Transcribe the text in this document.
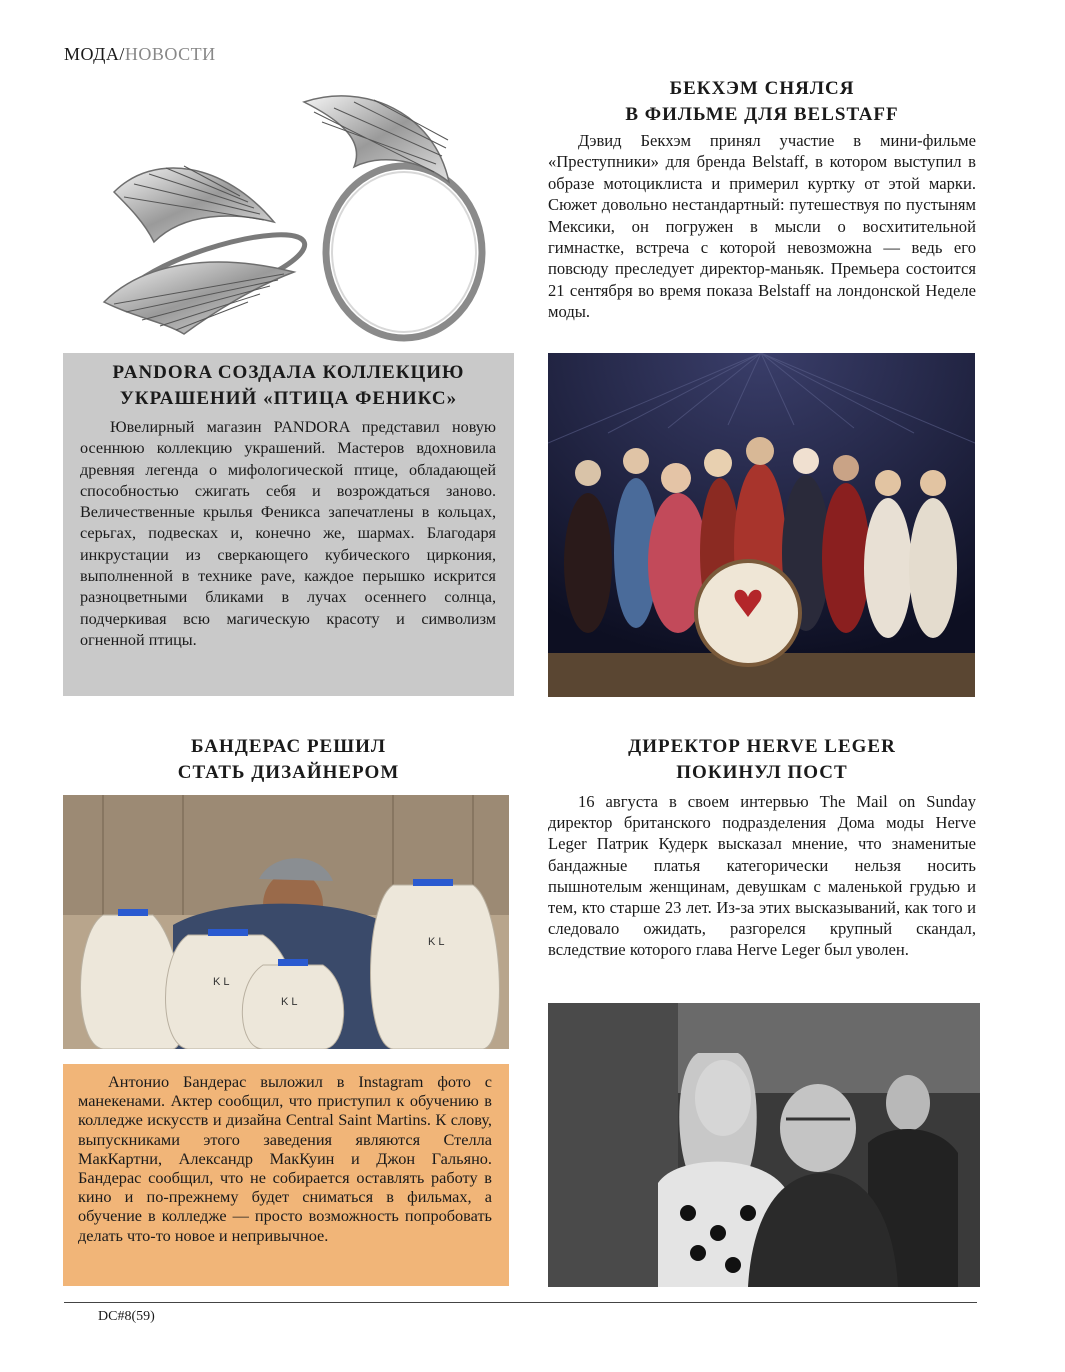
МОДА/НОВОСТИ
PANDORA СОЗДАЛА КОЛЛЕКЦИЮ
УКРАШЕНИЙ «ПТИЦА ФЕНИКС»
Ювелирный магазин PANDORA представил новую осеннюю коллекцию украшений. Мастеров вдохновила древняя легенда о мифологической птице, обладающей способностью сжигать себя и возрождаться заново. Величественные крылья Феникса запечатлены в кольцах, серьгах, подвесках и, конечно же, шармах. Благодаря инкрустации из сверкающего кубического циркония, выполненной в технике pave, каждое перышко искрится разноцветными бликами в лучах осеннего солнца, подчеркивая всю магическую красоту и символизм огненной птицы.
БЕКХЭМ СНЯЛСЯ
В ФИЛЬМЕ ДЛЯ BELSTAFF
Дэвид Бекхэм принял участие в мини-фильме «Преступники» для бренда Belstaff, в котором выступил в образе мотоциклиста и примерил куртку от этой марки. Сюжет довольно нестандартный: путешествуя по пустыням Мексики, он погружен в мысли о восхитительной гимнастке, встреча с которой невозможна — ведь его повсюду преследует директор-маньяк. Премьера состоится 21 сентября во время показа Belstaff на лондонской Неделе моды.
БАНДЕРАС РЕШИЛ
СТАТЬ ДИЗАЙНЕРОМ
K L
K L
K L
Антонио Бандерас выложил в Instagram фото с манекенами. Актер сообщил, что приступил к обучению в колледже искусств и дизайна Central Saint Martins. К слову, выпускниками этого заведения являются Стелла МакКартни, Александр МакКуин и Джон Гальяно. Бандерас сообщил, что не собирается оставлять работу в кино и по-прежнему будет сниматься в фильмах, а обучение в колледже — просто возможность попробовать делать что-то новое и непривычное.
ДИРЕКТОР HERVE LEGER
ПОКИНУЛ ПОСТ
16 августа в своем интервью The Mail on Sunday директор британского подразделения Дома моды Herve Leger Патрик Кудерк высказал мнение, что знаменитые бандажные платья категорически нельзя носить пышнотелым женщинам, девушкам с маленькой грудью и тем, кто старше 23 лет. Из-за этих высказываний, как того и следовало ожидать, разгорелся крупный скандал, вследствие которого глава Herve Leger был уволен.
DC#8(59)
